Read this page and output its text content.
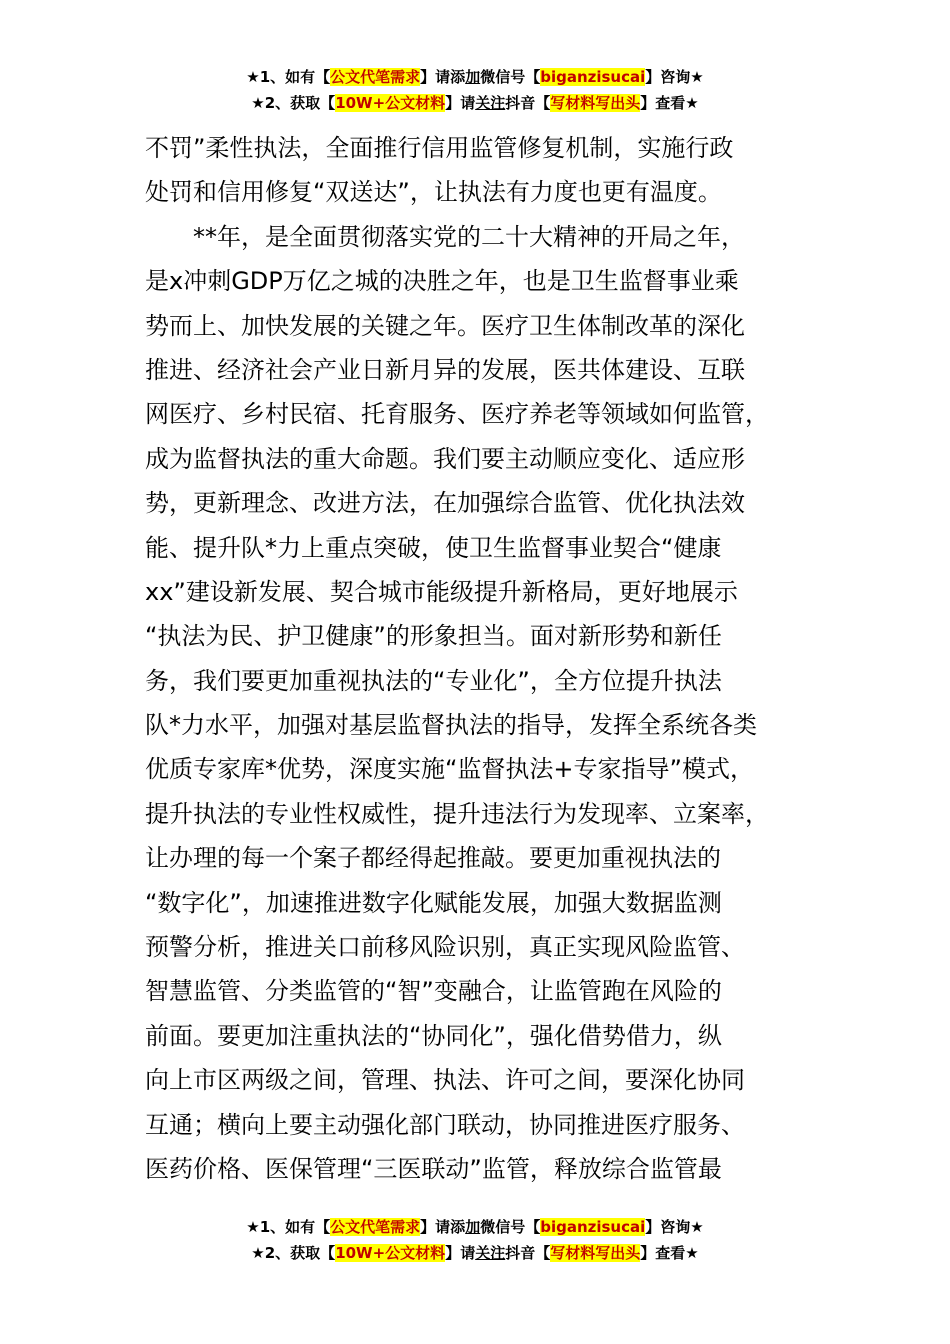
★1、如有【公文代笔需求】请添加微信号【biganzisucai】咨询★
★2、获取【10W+公文材料】请关注抖音【写材料写出头】查看★
不罚”柔性执法，全面推行信用监管修复机制，实施行政
处罚和信用修复“双送达”，让执法有力度也更有温度。
**年，是全面贯彻落实党的二十大精神的开局之年，
是x冲刺GDP万亿之城的决胜之年，也是卫生监督事业乘
势而上、加快发展的关键之年。医疗卫生体制改革的深化
推进、经济社会产业日新月异的发展，医共体建设、互联
网医疗、乡村民宿、托育服务、医疗养老等领域如何监管，
成为监督执法的重大命题。我们要主动顺应变化、适应形
势，更新理念、改进方法，在加强综合监管、优化执法效
能、提升队*力上重点突破，使卫生监督事业契合“健康
xx”建设新发展、契合城市能级提升新格局，更好地展示
“执法为民、护卫健康”的形象担当。面对新形势和新任
务，我们要更加重视执法的“专业化”，全方位提升执法
队*力水平，加强对基层监督执法的指导，发挥全系统各类
优质专家库*优势，深度实施“监督执法+专家指导”模式，
提升执法的专业性权威性，提升违法行为发现率、立案率，
让办理的每一个案子都经得起推敲。要更加重视执法的
“数字化”，加速推进数字化赋能发展，加强大数据监测
预警分析，推进关口前移风险识别，真正实现风险监管、
智慧监管、分类监管的“智”变融合，让监管跑在风险的
前面。要更加注重执法的“协同化”，强化借势借力，纵
向上市区两级之间，管理、执法、许可之间，要深化协同
互通；横向上要主动强化部门联动，协同推进医疗服务、
医药价格、医保管理“三医联动”监管，释放综合监管最
★1、如有【公文代笔需求】请添加微信号【biganzisucai】咨询★
★2、获取【10W+公文材料】请关注抖音【写材料写出头】查看★
